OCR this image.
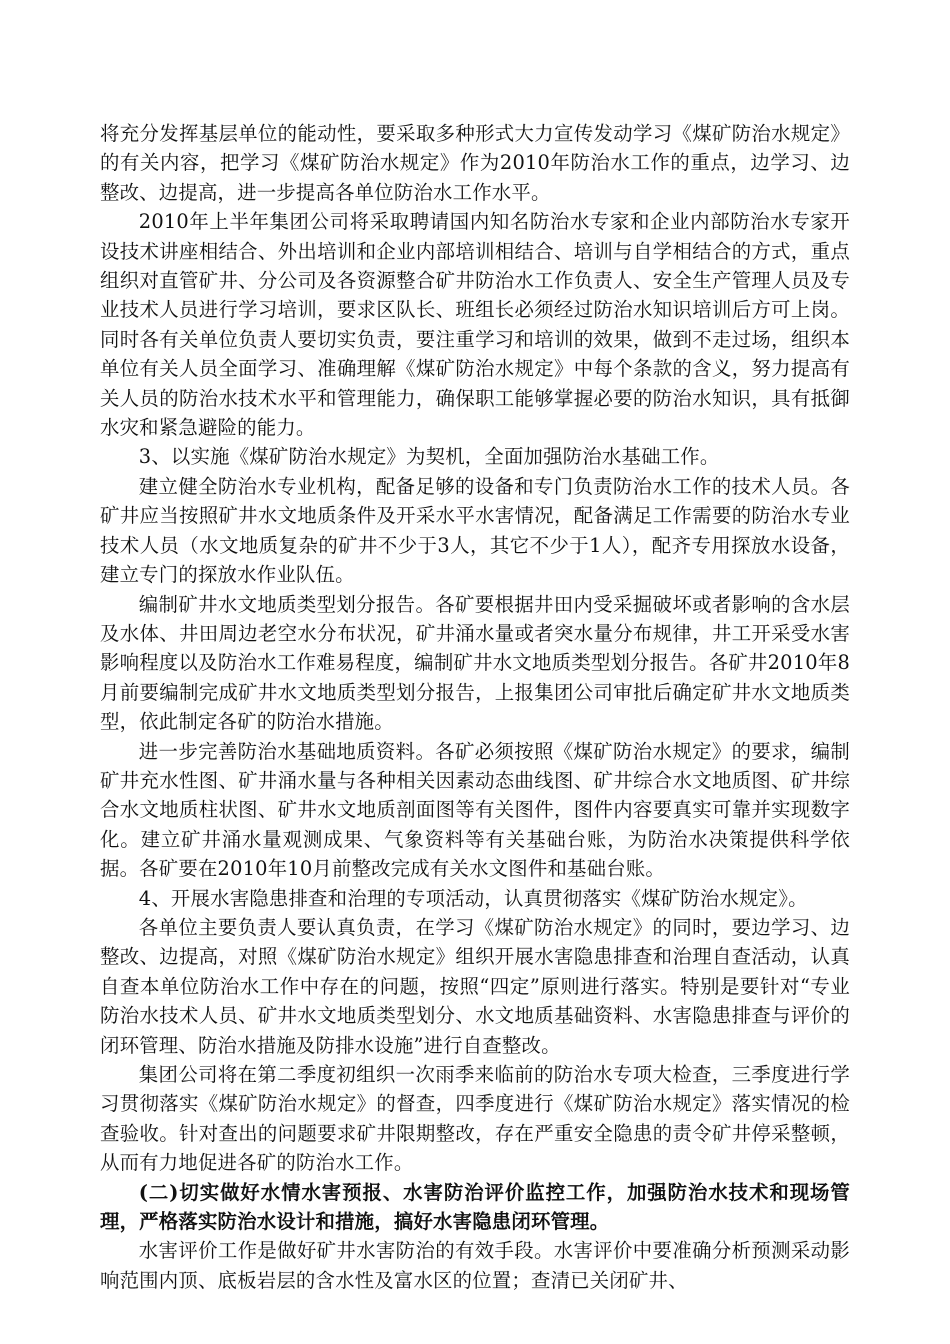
将充分发挥基层单位的能动性，要采取多种形式大力宣传发动学习《煤矿防治水规定》的有关内容，把学习《煤矿防治水规定》作为2010年防治水工作的重点，边学习、边整改、边提高，进一步提高各单位防治水工作水平。

2010年上半年集团公司将采取聘请国内知名防治水专家和企业内部防治水专家开设技术讲座相结合、外出培训和企业内部培训相结合、培训与自学相结合的方式，重点组织对直管矿井、分公司及各资源整合矿井防治水工作负责人、安全生产管理人员及专业技术人员进行学习培训，要求区队长、班组长必须经过防治水知识培训后方可上岗。同时各有关单位负责人要切实负责，要注重学习和培训的效果，做到不走过场，组织本单位有关人员全面学习、准确理解《煤矿防治水规定》中每个条款的含义，努力提高有关人员的防治水技术水平和管理能力，确保职工能够掌握必要的防治水知识，具有抵御水灾和紧急避险的能力。

3、以实施《煤矿防治水规定》为契机，全面加强防治水基础工作。

建立健全防治水专业机构，配备足够的设备和专门负责防治水工作的技术人员。各矿井应当按照矿井水文地质条件及开采水平水害情况，配备满足工作需要的防治水专业技术人员（水文地质复杂的矿井不少于3人，其它不少于1人），配齐专用探放水设备，建立专门的探放水作业队伍。

编制矿井水文地质类型划分报告。各矿要根据井田内受采掘破坏或者影响的含水层及水体、井田周边老空水分布状况，矿井涌水量或者突水量分布规律，井工开采受水害影响程度以及防治水工作难易程度，编制矿井水文地质类型划分报告。各矿井2010年8月前要编制完成矿井水文地质类型划分报告，上报集团公司审批后确定矿井水文地质类型，依此制定各矿的防治水措施。

进一步完善防治水基础地质资料。各矿必须按照《煤矿防治水规定》的要求，编制矿井充水性图、矿井涌水量与各种相关因素动态曲线图、矿井综合水文地质图、矿井综合水文地质柱状图、矿井水文地质剖面图等有关图件，图件内容要真实可靠并实现数字化。建立矿井涌水量观测成果、气象资料等有关基础台账，为防治水决策提供科学依据。各矿要在2010年10月前整改完成有关水文图件和基础台账。

4、开展水害隐患排查和治理的专项活动，认真贯彻落实《煤矿防治水规定》。

各单位主要负责人要认真负责，在学习《煤矿防治水规定》的同时，要边学习、边整改、边提高，对照《煤矿防治水规定》组织开展水害隐患排查和治理自查活动，认真自查本单位防治水工作中存在的问题，按照“四定”原则进行落实。特别是要针对“专业防治水技术人员、矿井水文地质类型划分、水文地质基础资料、水害隐患排查与评价的闭环管理、防治水措施及防排水设施”进行自查整改。

集团公司将在第二季度初组织一次雨季来临前的防治水专项大检查，三季度进行学习贯彻落实《煤矿防治水规定》的督查，四季度进行《煤矿防治水规定》落实情况的检查验收。针对查出的问题要求矿井限期整改，存在严重安全隐患的责令矿井停采整顿，从而有力地促进各矿的防治水工作。

(二)切实做好水情水害预报、水害防治评价监控工作，加强防治水技术和现场管理，严格落实防治水设计和措施，搞好水害隐患闭环管理。

水害评价工作是做好矿井水害防治的有效手段。水害评价中要准确分析预测采动影响范围内顶、底板岩层的含水性及富水区的位置；查清已关闭矿井、
